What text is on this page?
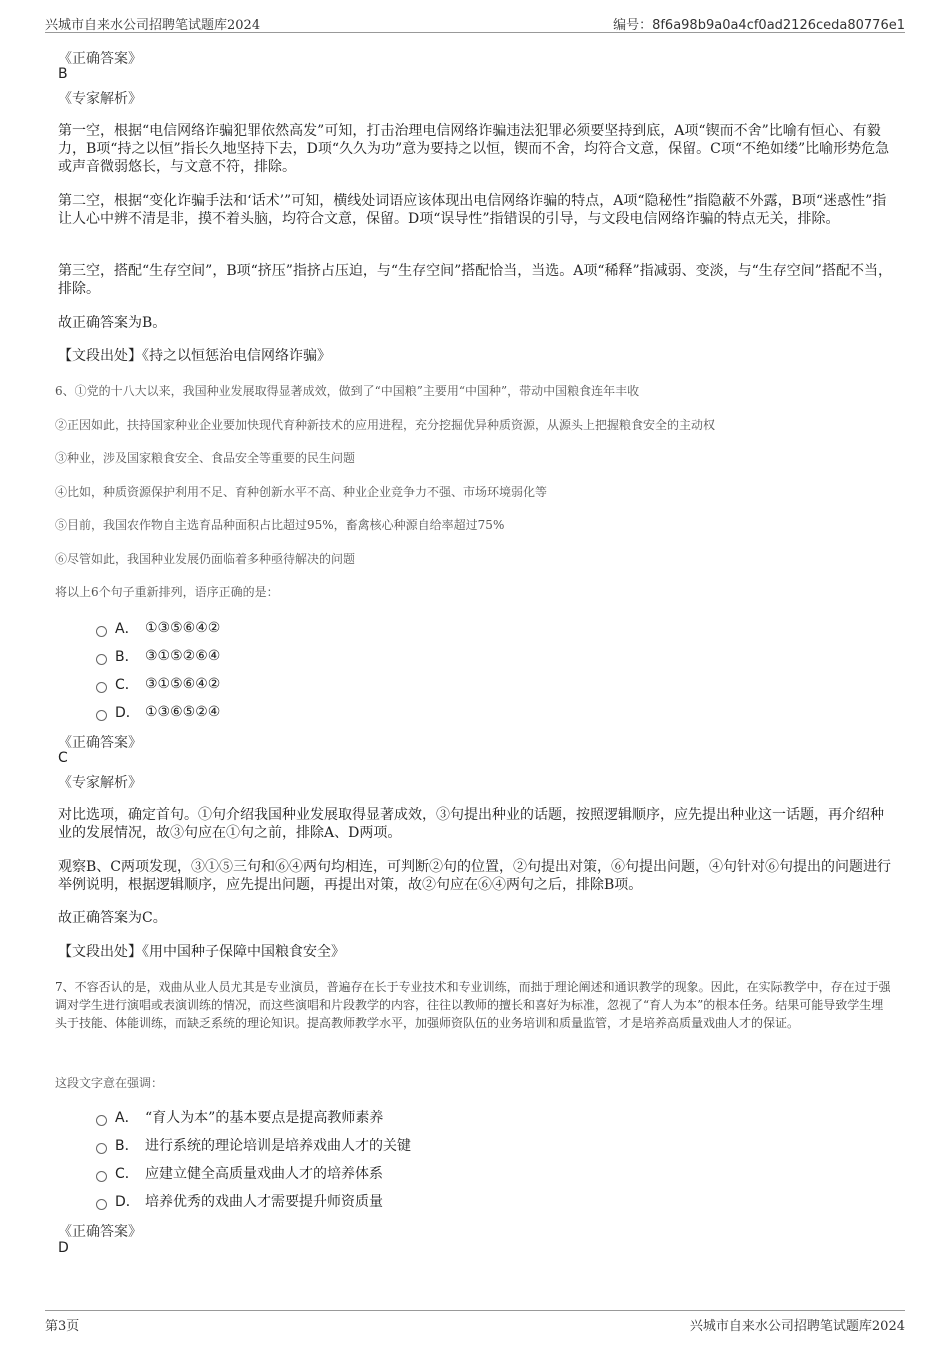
兴城市自来水公司招聘笔试题库2024	编号：8f6a98b9a0a4cf0ad2126ceda80776e1
《正确答案》
B
《专家解析》
第一空，根据“电信网络诈骗犯罪依然高发”可知，打击治理电信网络诈骗违法犯罪必须要坚持到底，A项“锲而不舍”比喻有恒心、有毅力，B项“持之以恒”指长久地坚持下去，D项“久久为功”意为要持之以恒，锲而不舍，均符合文意，保留。C项“不绝如缕”比喻形势危急或声音微弱悠长，与文意不符，排除。
第二空，根据“变化诈骗手法和‘话术’”可知，横线处词语应该体现出电信网络诈骗的特点，A项“隐秘性”指隐蔽不外露，B项“迷惑性”指让人心中辨不清是非，摸不着头脑，均符合文意，保留。D项“误导性”指错误的引导，与文段电信网络诈骗的特点无关，排除。
第三空，搭配“生存空间”，B项“挤压”指挤占压迫，与“生存空间”搭配恰当，当选。A项“稀释”指减弱、变淡，与“生存空间”搭配不当，排除。
故正确答案为B。
【文段出处】《持之以恒惩治电信网络诈骗》
6、①党的十八大以来，我国种业发展取得显著成效，做到了“中国粮”主要用“中国种”，带动中国粮食连年丰收
②正因如此，扶持国家种业企业要加快现代育种新技术的应用进程，充分挖掘优异种质资源，从源头上把握粮食安全的主动权
③种业，涉及国家粮食安全、食品安全等重要的民生问题
④比如，种质资源保护利用不足、育种创新水平不高、种业企业竞争力不强、市场环境弱化等
⑤目前，我国农作物自主选育品种面积占比超过95%，畜禽核心种源自给率超过75%
⑥尽管如此，我国种业发展仍面临着多种亟待解决的问题
将以上6个句子重新排列，语序正确的是：
A． ①③⑤⑥④②
B． ③①⑤②⑥④
C． ③①⑤⑥④②
D． ①③⑥⑤②④
《正确答案》
C
《专家解析》
对比选项，确定首句。①句介绍我国种业发展取得显著成效，③句提出种业的话题，按照逻辑顺序，应先提出种业这一话题，再介绍种业的发展情况，故③句应在①句之前，排除A、D两项。
观察B、C两项发现，③①⑤三句和⑥④两句均相连，可判断②句的位置，②句提出对策，⑥句提出问题，④句针对⑥句提出的问题进行举例说明，根据逻辑顺序，应先提出问题，再提出对策，故②句应在⑥④两句之后，排除B项。
故正确答案为C。
【文段出处】《用中国种子保障中国粮食安全》
7、不容否认的是，戏曲从业人员尤其是专业演员，普遍存在长于专业技术和专业训练，而拙于理论阐述和通识教学的现象。因此，在实际教学中，存在过于强调对学生进行演唱或表演训练的情况，而这些演唱和片段教学的内容，往往以教师的擅长和喜好为标准，忽视了“育人为本”的根本任务。结果可能导致学生埋头于技能、体能训练，而缺乏系统的理论知识。提高教师教学水平，加强师资队伍的业务培训和质量监管，才是培养高质量戏曲人才的保证。
这段文字意在强调：
A． “育人为本”的基本要点是提高教师素养
B． 进行系统的理论培训是培养戏曲人才的关键
C． 应建立健全高质量戏曲人才的培养体系
D． 培养优秀的戏曲人才需要提升师资质量
《正确答案》
D
第3页	兴城市自来水公司招聘笔试题库2024
